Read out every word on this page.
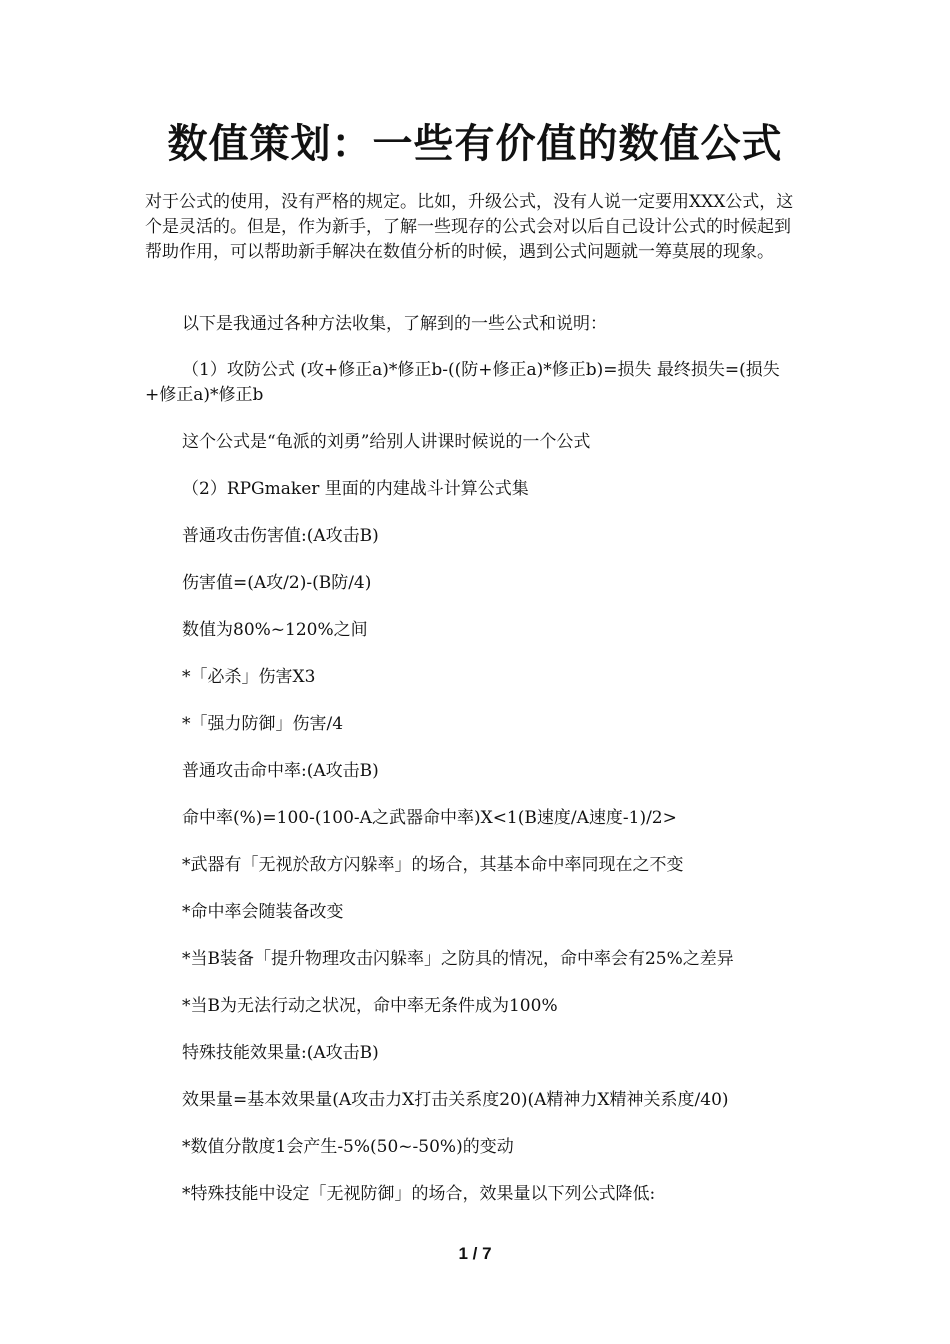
数值策划：一些有价值的数值公式

对于公式的使用，没有严格的规定。比如，升级公式，没有人说一定要用XXX公式，这个是灵活的。但是，作为新手，了解一些现存的公式会对以后自己设计公式的时候起到帮助作用，可以帮助新手解决在数值分析的时候，遇到公式问题就一筹莫展的现象。

以下是我通过各种方法收集，了解到的一些公式和说明：

（1）攻防公式 (攻+修正a)*修正b-((防+修正a)*修正b)=损失 最终损失=(损失+修正a)*修正b

这个公式是“龟派的刘勇”给别人讲课时候说的一个公式

（2）RPGmaker 里面的内建战斗计算公式集

普通攻击伤害值:(A攻击B)

伤害值=(A攻/2)-(B防/4)

数值为80%~120%之间

*「必杀」伤害X3

*「强力防御」伤害/4

普通攻击命中率:(A攻击B)

命中率(%)=100-(100-A之武器命中率)X<1(B速度/A速度-1)/2>

*武器有「无视於敌方闪躲率」的场合，其基本命中率同现在之不变

*命中率会随装备改变

*当B装备「提升物理攻击闪躲率」之防具的情况，命中率会有25%之差异

*当B为无法行动之状况，命中率无条件成为100%

特殊技能效果量:(A攻击B)

效果量=基本效果量(A攻击力X打击关系度20)(A精神力X精神关系度/40)

*数值分散度1会产生-5%(50~-50%)的变动

*特殊技能中设定「无视防御」的场合，效果量以下列公式降低:

1 / 7
